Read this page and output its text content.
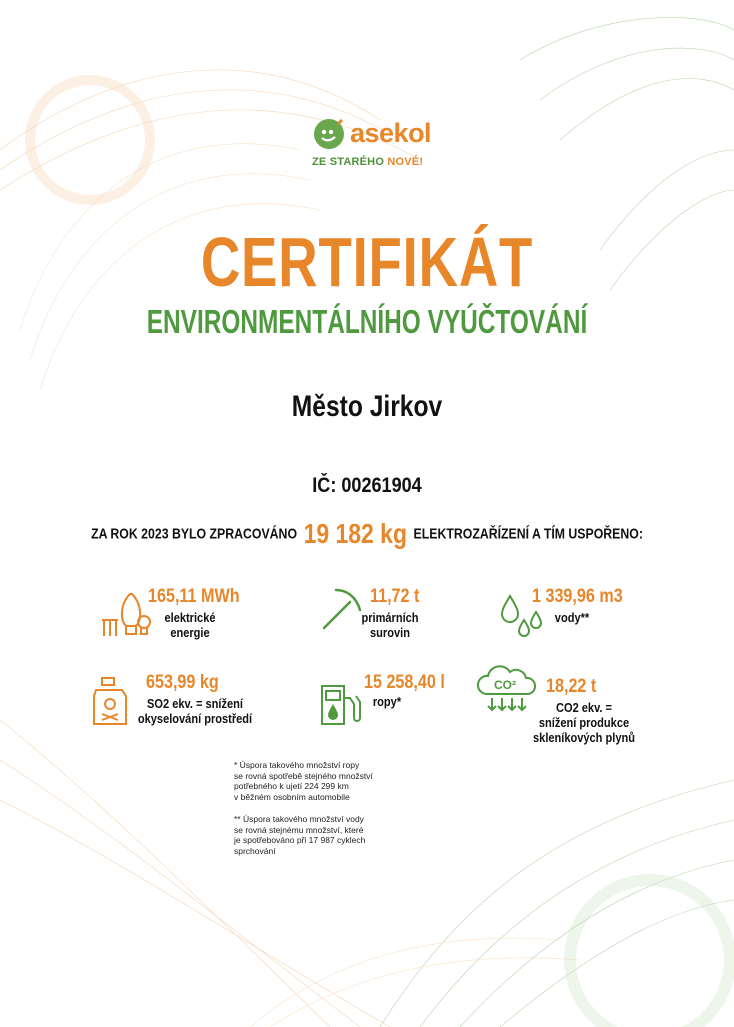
asekol
ZE STARÉHO NOVÉ!
CERTIFIKÁT
ENVIRONMENTÁLNÍHO VYÚČTOVÁNÍ
Město Jirkov
IČ: 00261904
ZA ROK 2023 BYLO ZPRACOVÁNO 19 182 kg ELEKTROZAŘÍZENÍ A TÍM USPOŘENO:
165,11 MWh
elektrické
energie
11,72 t
primárních
surovin
1 339,96 m3
vody**
653,99 kg
SO2 ekv. = snížení
okyselování prostředí
15 258,40 l
ropy*
CO² 18,22 t
CO2 ekv. =
snížení produkce
skleníkových plynů
* Úspora takového množství ropy
se rovná spotřebě stejného množství
potřebného k ujetí 224 299 km
v běžném osobním automobile
** Úspora takového množství vody
se rovná stejnému množství, které
je spotřebováno při 17 987 cyklech
sprchování
